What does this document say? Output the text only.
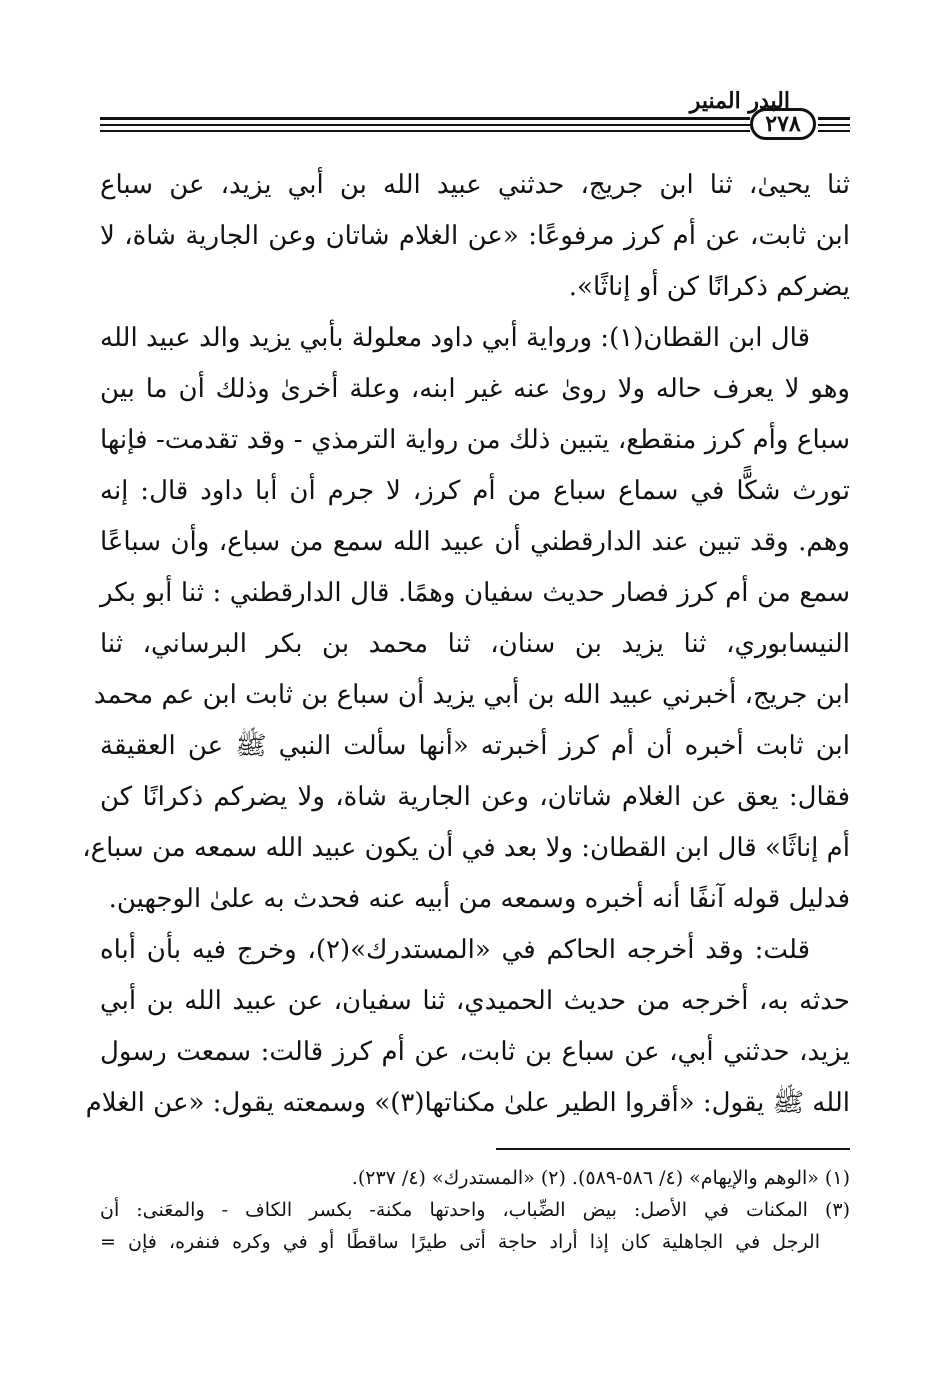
٢٧٨
البدر المنير
ثنا يحيىٰ، ثنا ابن جريج، حدثني عبيد الله بن أبي يزيد، عن سباع
ابن ثابت، عن أم كرز مرفوعًا: «عن الغلام شاتان وعن الجارية شاة، لا
يضركم ذكرانًا كن أو إناثًا».
قال ابن القطان(١): ورواية أبي داود معلولة بأبي يزيد والد عبيد الله
وهو لا يعرف حاله ولا روىٰ عنه غير ابنه، وعلة أخرىٰ وذلك أن ما بين
سباع وأم كرز منقطع، يتبين ذلك من رواية الترمذي - وقد تقدمت- فإنها
تورث شكًّا في سماع سباع من أم كرز، لا جرم أن أبا داود قال: إنه
وهم. وقد تبين عند الدارقطني أن عبيد الله سمع من سباع، وأن سباعًا
سمع من أم كرز فصار حديث سفيان وهمًا. قال الدارقطني : ثنا أبو بكر
النيسابوري، ثنا يزيد بن سنان، ثنا محمد بن بكر البرساني، ثنا
ابن جريج، أخبرني عبيد الله بن أبي يزيد أن سباع بن ثابت ابن عم محمد
ابن ثابت أخبره أن أم كرز أخبرته «أنها سألت النبي ﷺ عن العقيقة
فقال: يعق عن الغلام شاتان، وعن الجارية شاة، ولا يضركم ذكرانًا كن
أم إناثًا» قال ابن القطان: ولا بعد في أن يكون عبيد الله سمعه من سباع،
فدليل قوله آنفًا أنه أخبره وسمعه من أبيه عنه فحدث به علىٰ الوجهين.
قلت: وقد أخرجه الحاكم في «المستدرك»(٢)، وخرج فيه بأن أباه
حدثه به، أخرجه من حديث الحميدي، ثنا سفيان، عن عبيد الله بن أبي
يزيد، حدثني أبي، عن سباع بن ثابت، عن أم كرز قالت: سمعت رسول
الله ﷺ يقول: «أقروا الطير علىٰ مكناتها(٣)» وسمعته يقول: «عن الغلام
(١) «الوهم والإيهام» (٤/ ٥٨٦-٥٨٩). (٢) «المستدرك» (٤/ ٢٣٧).
(٣) المكنات في الأصل: بيض الضِّباب، واحدتها مكنة- بكسر الكاف - والمعَنى: أن
الرجل في الجاهلية كان إذا أراد حاجة أتى طيرًا ساقطًا أو في وكره فنفره، فإن =
